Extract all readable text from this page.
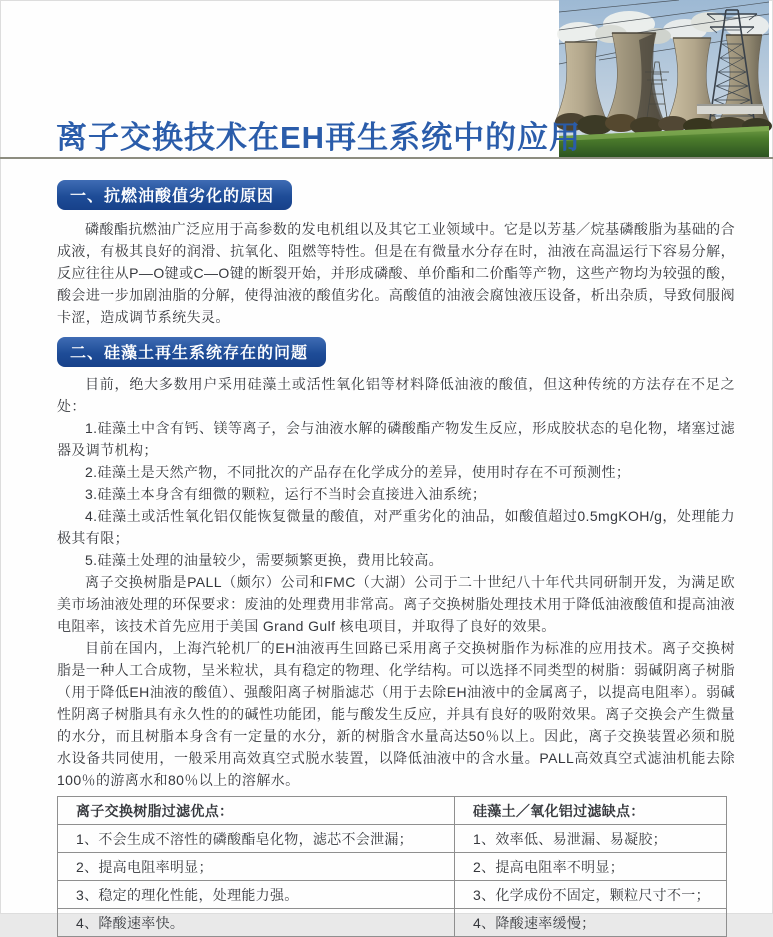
离子交换技术在EH再生系统中的应用
一、抗燃油酸值劣化的原因

磷酸酯抗燃油广泛应用于高参数的发电机组以及其它工业领域中。它是以芳基／烷基磷酸脂为基础的合成液，有极其良好的润滑、抗氧化、阻燃等特性。但是在有微量水分存在时，油液在高温运行下容易分解，反应往往从P—O键或C—O键的断裂开始，并形成磷酸、单价酯和二价酯等产物，这些产物均为较强的酸，酸会进一步加剧油脂的分解，使得油液的酸值劣化。高酸值的油液会腐蚀液压设备，析出杂质，导致伺服阀卡涩，造成调节系统失灵。

二、硅藻土再生系统存在的问题

目前，绝大多数用户采用硅藻土或活性氧化铝等材料降低油液的酸值，但这种传统的方法存在不足之处：

1.硅藻土中含有钙、镁等离子，会与油液水解的磷酸酯产物发生反应，形成胶状态的皂化物，堵塞过滤器及调节机构；

2.硅藻土是天然产物，不同批次的产品存在化学成分的差异，使用时存在不可预测性；

3.硅藻土本身含有细微的颗粒，运行不当时会直接进入油系统；

4.硅藻土或活性氧化铝仅能恢复微量的酸值，对严重劣化的油品，如酸值超过0.5mgKOH/g，处理能力极其有限；

5.硅藻土处理的油量较少，需要频繁更换，费用比较高。

离子交换树脂是PALL（颇尔）公司和FMC（大湖）公司于二十世纪八十年代共同研制开发，为满足欧美市场油液处理的环保要求：废油的处理费用非常高。离子交换树脂处理技术用于降低油液酸值和提高油液电阻率，该技术首先应用于美国 Grand Gulf 核电项目，并取得了良好的效果。

目前在国内，上海汽轮机厂的EH油液再生回路已采用离子交换树脂作为标准的应用技术。离子交换树脂是一种人工合成物，呈米粒状，具有稳定的物理、化学结构。可以选择不同类型的树脂：弱碱阴离子树脂（用于降低EH油液的酸值）、强酸阳离子树脂滤芯（用于去除EH油液中的金属离子，以提高电阻率）。弱碱性阴离子树脂具有永久性的的碱性功能团，能与酸发生反应，并具有良好的吸附效果。离子交换会产生微量的水分，而且树脂本身含有一定量的水分，新的树脂含水量高达50％以上。因此，离子交换装置必须和脱水设备共同使用，一般采用高效真空式脱水装置，以降低油液中的含水量。PALL高效真空式滤油机能去除100％的游离水和80％以上的溶解水。

离子交换树脂过滤优点：	硅藻土／氧化铝过滤缺点：
1、不会生成不溶性的磷酸酯皂化物，滤芯不会泄漏；	1、效率低、易泄漏、易凝胶；
2、提高电阻率明显；	2、提高电阻率不明显；
3、稳定的理化性能，处理能力强。	3、化学成份不固定，颗粒尺寸不一；
4、降酸速率快。	4、降酸速率缓慢；
